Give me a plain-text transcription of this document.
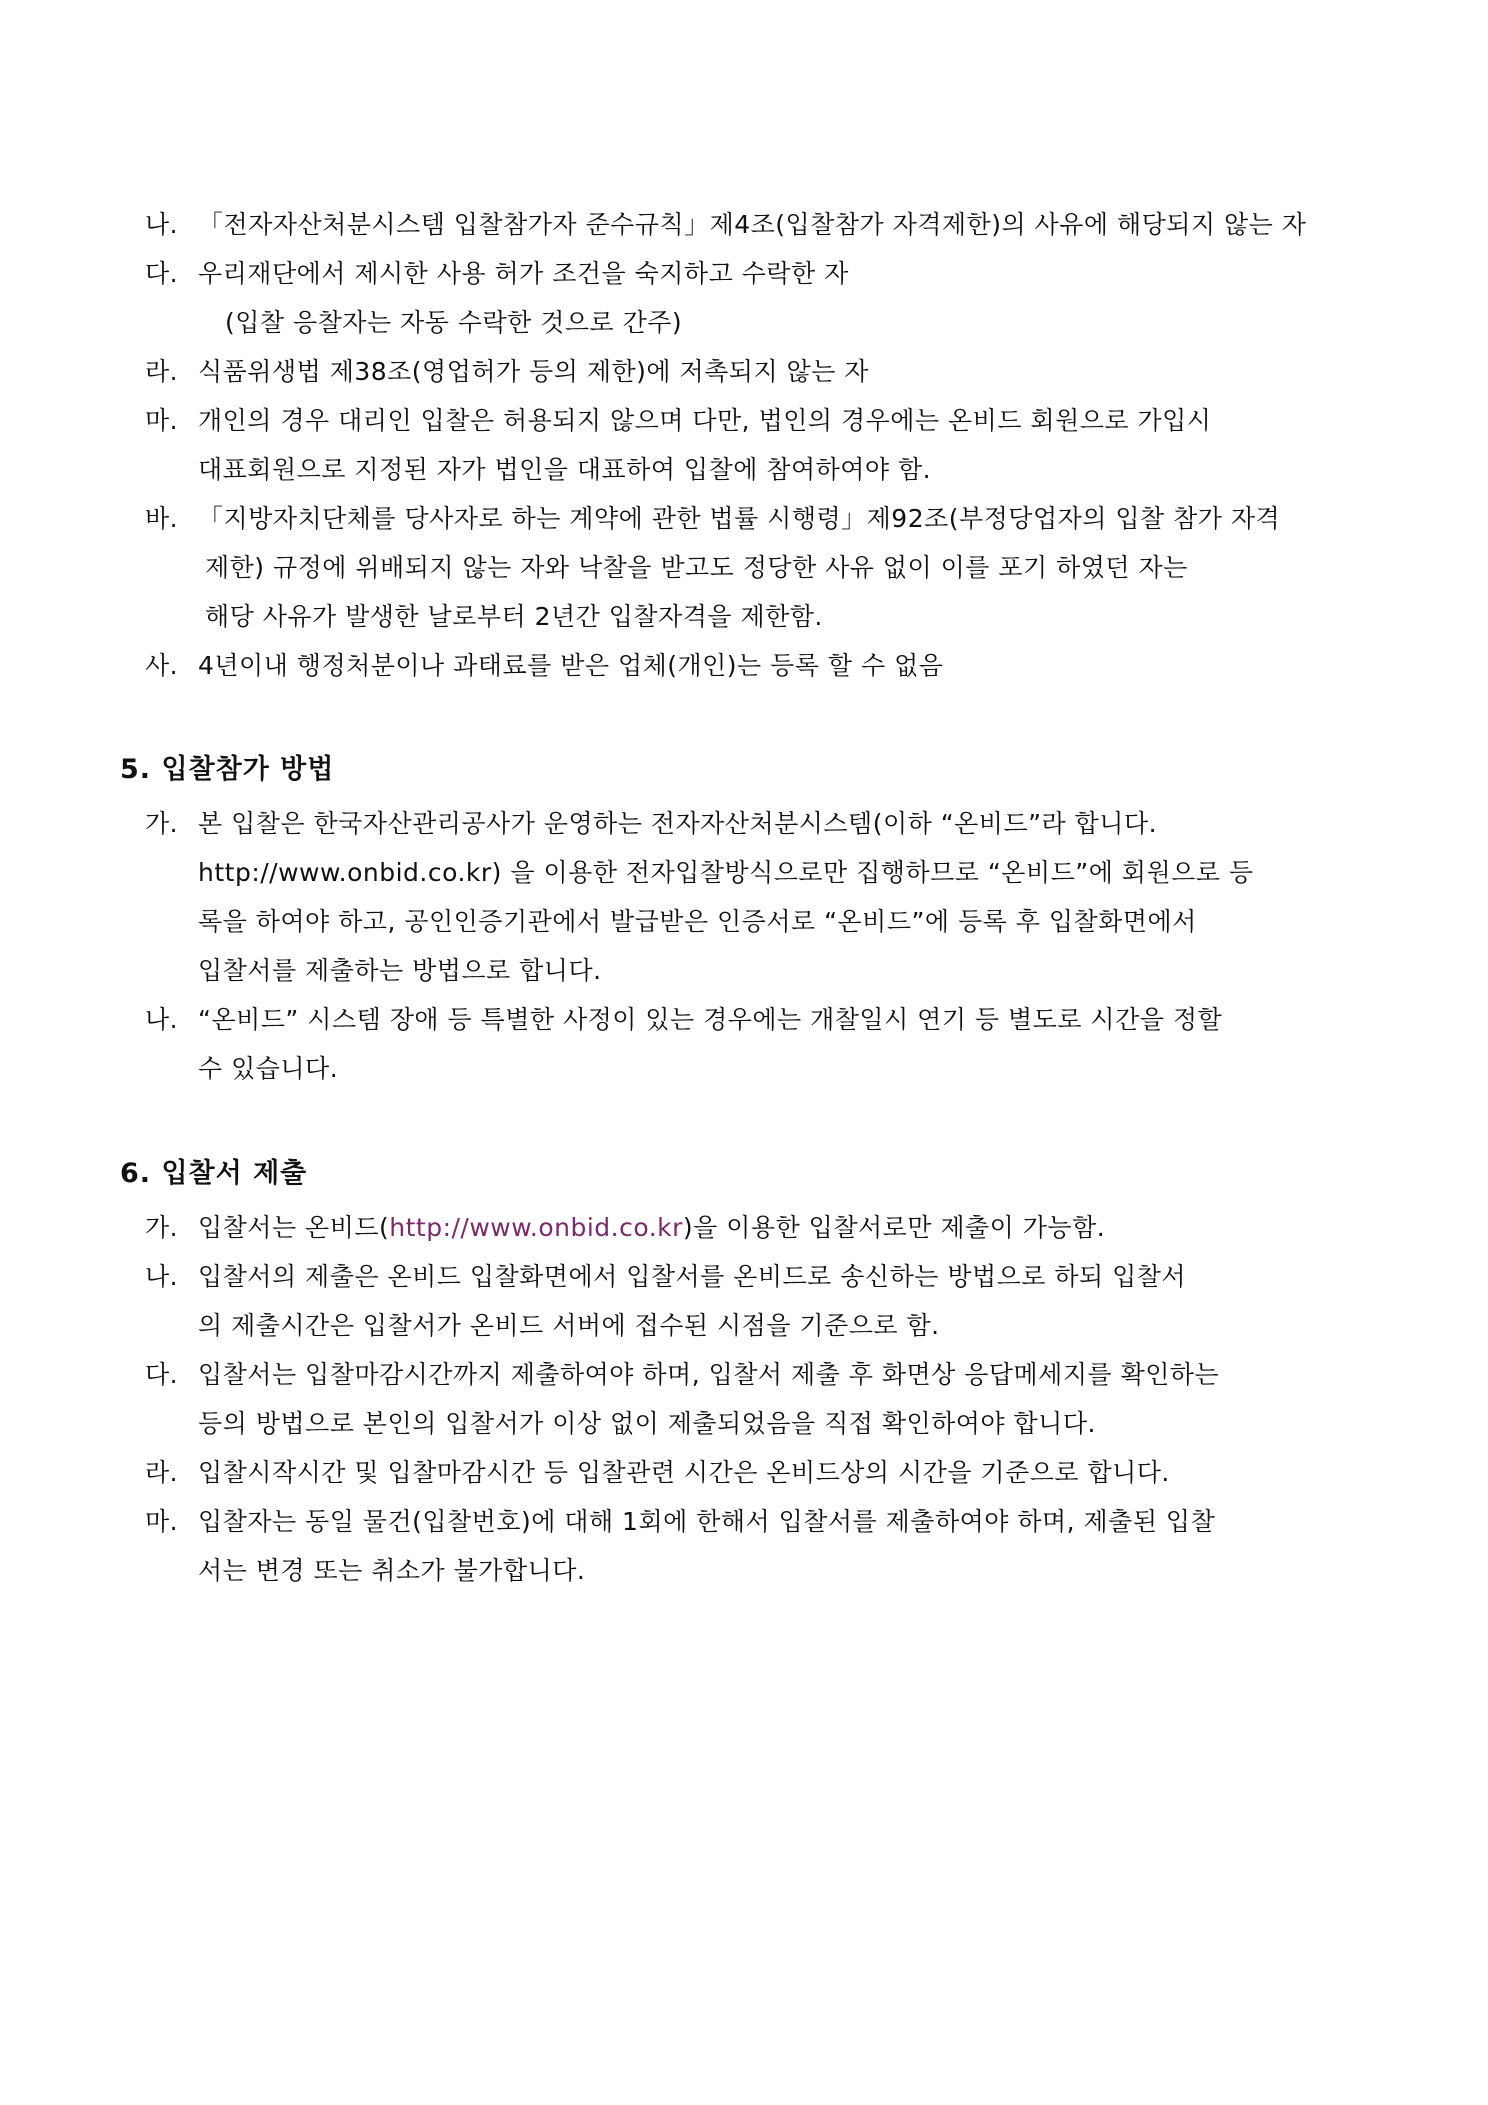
나. 「전자자산처분시스템 입찰참가자 준수규칙」제4조(입찰참가 자격제한)의 사유에 해당되지 않는 자
다. 우리재단에서 제시한 사용 허가 조건을 숙지하고 수락한 자
(입찰 응찰자는 자동 수락한 것으로 간주)
라. 식품위생법 제38조(영업허가 등의 제한)에 저촉되지 않는 자
마. 개인의 경우 대리인 입찰은 허용되지 않으며 다만, 법인의 경우에는 온비드 회원으로 가입시
대표회원으로 지정된 자가 법인을 대표하여 입찰에 참여하여야 함.
바. 「지방자치단체를 당사자로 하는 계약에 관한 법률 시행령」제92조(부정당업자의 입찰 참가 자격
제한) 규정에 위배되지 않는 자와 낙찰을 받고도 정당한 사유 없이 이를 포기 하였던 자는
해당 사유가 발생한 날로부터 2년간 입찰자격을 제한함.
사. 4년이내 행정처분이나 과태료를 받은 업체(개인)는 등록 할 수 없음
5. 입찰참가 방법
가. 본 입찰은 한국자산관리공사가 운영하는 전자자산처분시스템(이하 “온비드”라 합니다.
http://www.onbid.co.kr) 을 이용한 전자입찰방식으로만 집행하므로 “온비드”에 회원으로 등
록을 하여야 하고, 공인인증기관에서 발급받은 인증서로 “온비드”에 등록 후 입찰화면에서
입찰서를 제출하는 방법으로 합니다.
나. “온비드” 시스템 장애 등 특별한 사정이 있는 경우에는 개찰일시 연기 등 별도로 시간을 정할
수 있습니다.
6. 입찰서 제출
가. 입찰서는 온비드( http://www.onbid.co.kr )을 이용한 입찰서로만 제출이 가능함.
나. 입찰서의 제출은 온비드 입찰화면에서 입찰서를 온비드로 송신하는 방법으로 하되 입찰서
의 제출시간은 입찰서가 온비드 서버에 접수된 시점을 기준으로 함.
다. 입찰서는 입찰마감시간까지 제출하여야 하며, 입찰서 제출 후 화면상 응답메세지를 확인하는
등의 방법으로 본인의 입찰서가 이상 없이 제출되었음을 직접 확인하여야 합니다.
라. 입찰시작시간 및 입찰마감시간 등 입찰관련 시간은 온비드상의 시간을 기준으로 합니다.
마. 입찰자는 동일 물건(입찰번호)에 대해 1회에 한해서 입찰서를 제출하여야 하며, 제출된 입찰
서는 변경 또는 취소가 불가합니다.
